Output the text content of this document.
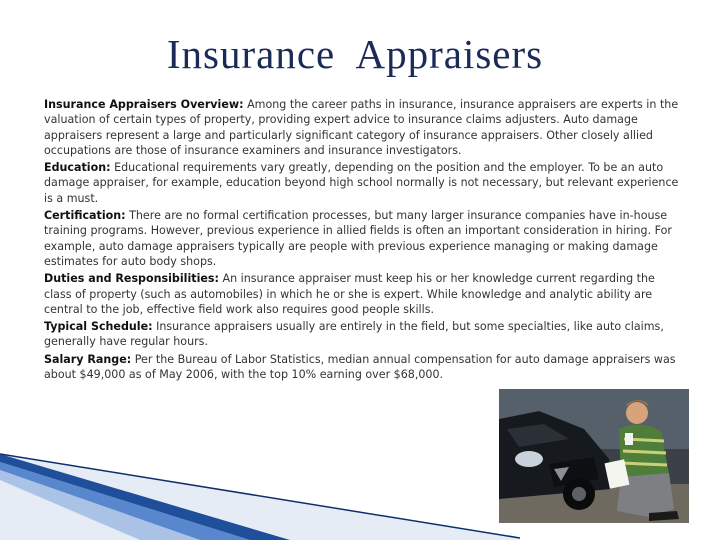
Insurance  Appraisers

Insurance Appraisers Overview: Among the career paths in insurance, insurance appraisers are experts in the valuation of certain types of property, providing expert advice to insurance claims adjusters. Auto damage appraisers represent a large and particularly significant category of insurance appraisers. Other closely allied occupations are those of insurance examiners and insurance investigators.

Education: Educational requirements vary greatly, depending on the position and the employer. To be an auto damage appraiser, for example, education beyond high school normally is not necessary, but relevant experience is a must.

Certification: There are no formal certification processes, but many larger insurance companies have in-house training programs. However, previous experience in allied fields is often an important consideration in hiring. For example, auto damage appraisers typically are people with previous experience managing or making damage estimates for auto body shops.

Duties and Responsibilities: An insurance appraiser must keep his or her knowledge current regarding the class of property (such as automobiles) in which he or she is expert. While knowledge and analytic ability are central to the job, effective field work also requires good people skills.

Typical Schedule: Insurance appraisers usually are entirely in the field, but some specialties, like auto claims, generally have regular hours.

Salary Range: Per the Bureau of Labor Statistics, median annual compensation for auto damage appraisers was about $49,000 as of May 2006, with the top 10% earning over $68,000.
